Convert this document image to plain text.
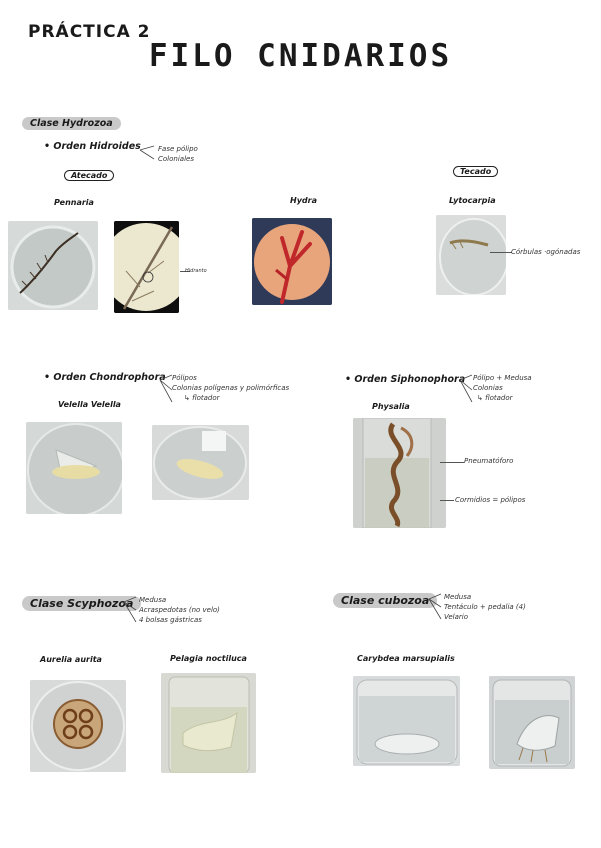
PRÁCTICA 2
FILO CNIDARIOS
Clase Hydrozoa
• Orden Hidroides Fase pólipo
Coloniales
Atecado	Tecado
Pennaria	Hydra	Lytocarpia
Hidranto
Córbulas ·ogónadas
• Orden Chondrophora Pólipos
Colonias polígenas y polimórficas
↳ flotador
Velella Velella
• Orden Siphonophora Pólipo + Medusa
Colonias
↳ flotador
Physalia
Pneumatóforo
Cormidios = pólipos
Clase Scyphozoa Medusa
Acraspedotas (no velo)
4 bolsas gástricas
Aurelia aurita	Pelagia noctiluca
Clase cubozoa	Medusa
Tentáculo + pedalia (4)
Velario
Carybdea marsupialis
